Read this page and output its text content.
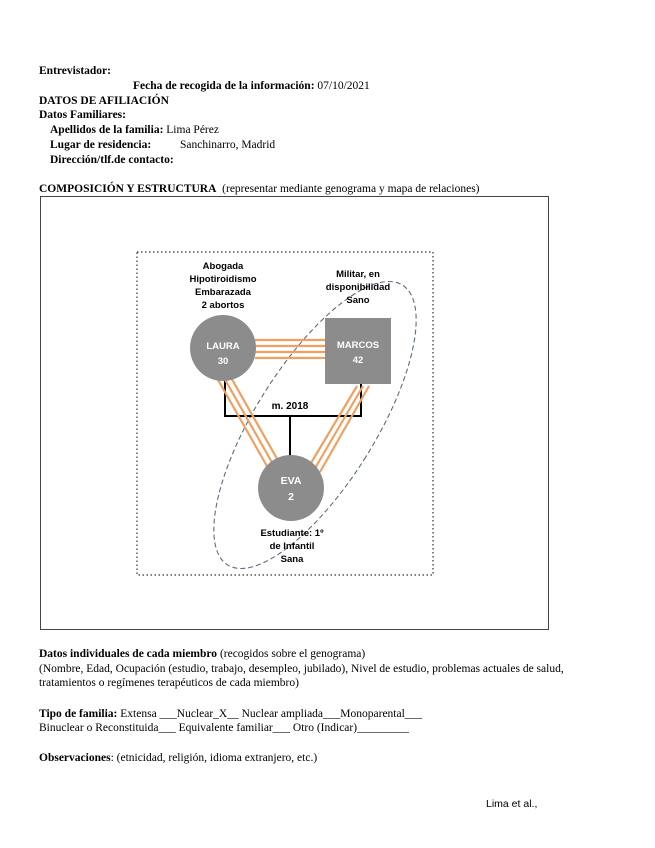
Entrevistador:
Fecha de recogida de la información: 07/10/2021
DATOS DE AFILIACIÓN
Datos Familiares:
Apellidos de la familia: Lima Pérez
Lugar de residencia:	Sanchinarro, Madrid
Dirección/tlf.de contacto:
COMPOSICIÓN Y ESTRUCTURA (representar mediante genograma y mapa de relaciones)
Abogada
Hipotiroidismo
Embarazada
2 abortos
Militar, en
disponibilidad
Sano
LAURA
30
MARCOS
42
EVA
2
m. 2018
Estudiante: 1º
de Infantil
Sana
Datos individuales de cada miembro (recogidos sobre el genograma)
(Nombre, Edad, Ocupación (estudio, trabajo, desempleo, jubilado), Nivel de estudio, problemas actuales de salud, tratamientos o regímenes terapéuticos de cada miembro)
Tipo de familia: Extensa ___Nuclear_X__ Nuclear ampliada___Monoparental___
Binuclear o Reconstituida___ Equivalente familiar___ Otro (Indicar)_________
Observaciones: (etnicidad, religión, idioma extranjero, etc.)
Lima et al.,
